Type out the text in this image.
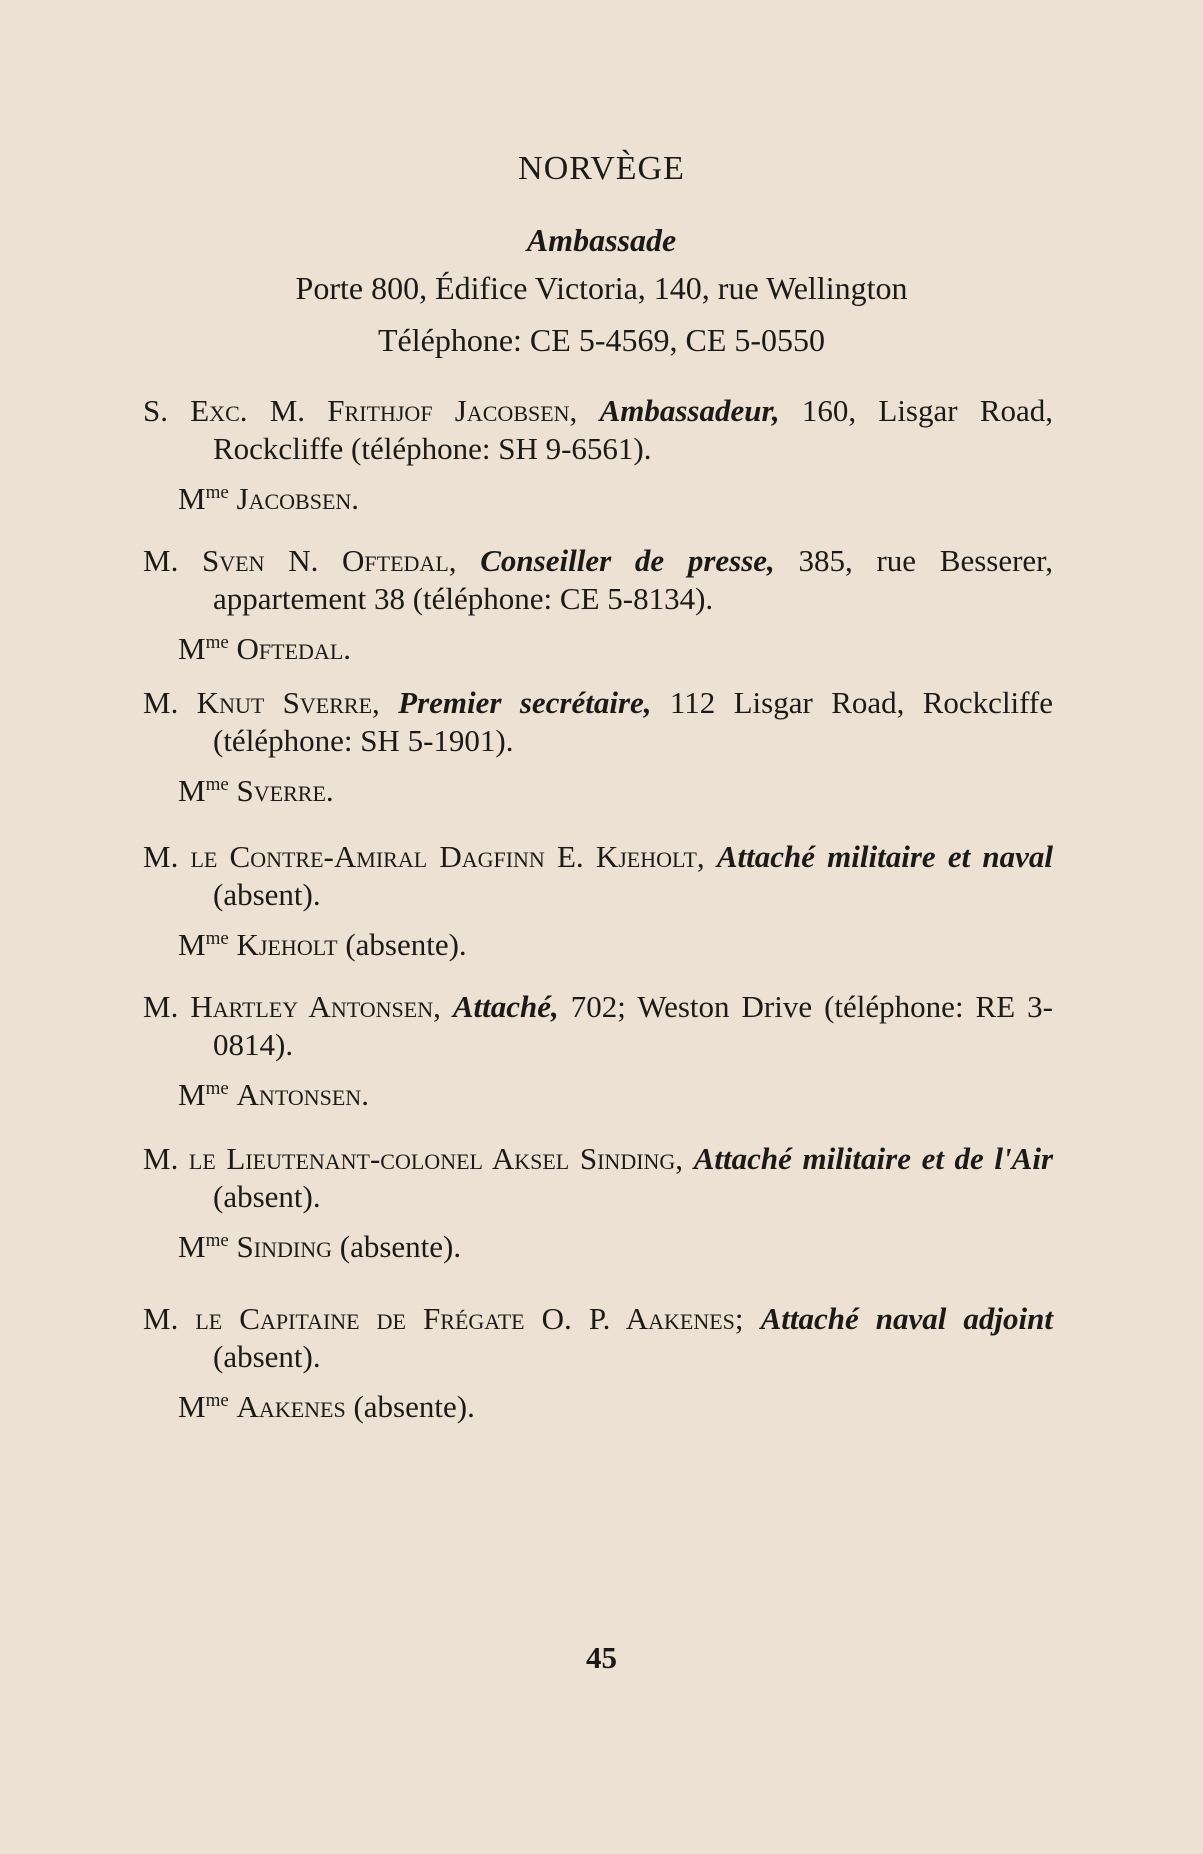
NORVÈGE
Ambassade
Porte 800, Édifice Victoria, 140, rue Wellington
Téléphone: CE 5-4569, CE 5-0550
S. Exc. M. Frithjof Jacobsen, Ambassadeur, 160, Lisgar Road, Rockcliffe (téléphone: SH 9-6561).
$M^{me}$ Jacobsen.
M. Sven N. Oftedal, Conseiller de presse, 385, rue Besserer, appartement 38 (téléphone: CE 5-8134).
$M^{me}$ Oftedal.
M. Knut Sverre, Premier secrétaire, 112 Lisgar Road, Rockcliffe (téléphone: SH 5-1901).
$M^{me}$ Sverre.
M. le Contre-Amiral Dagfinn E. Kjeholt, Attaché militaire et naval (absent).
$M^{me}$ Kjeholt (absente).
M. Hartley Antonsen, Attaché, 702; Weston Drive (téléphone: RE 3-0814).
$M^{me}$ Antonsen.
M. le Lieutenant-colonel Aksel Sinding, Attaché militaire et de l'Air (absent).
$M^{me}$ Sinding (absente).
M. le Capitaine de Frégate O. P. Aakenes; Attaché naval adjoint (absent).
$M^{me}$ Aakenes (absente).
45
